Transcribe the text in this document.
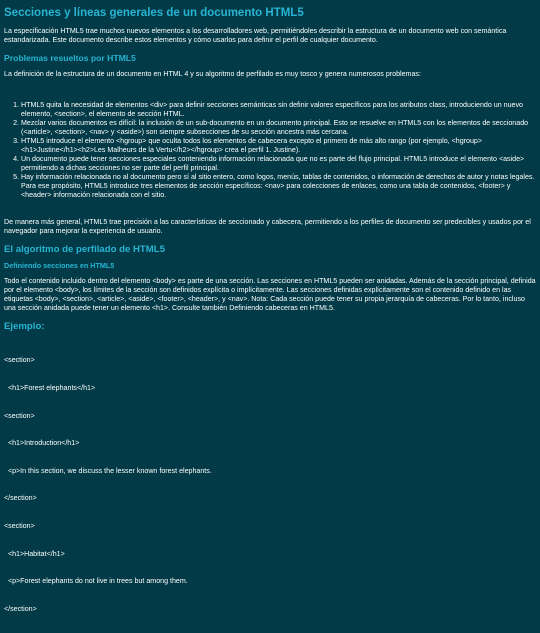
Secciones y líneas generales de un documento HTML5

La especificación HTML5 trae muchos nuevos elementos a los desarrolladores web, permitiéndoles describir la estructura de un documento web con semántica estandarizada. Este documento describe estos elementos y cómo usarlos para definir el perfil de cualquier documento.

Problemas resueltos por HTML5

La definición de la estructura de un documento en HTML 4 y su algoritmo de perfilado es muy tosco y genera numerosos problemas:

1. HTML5 quita la necesidad de elementos <div> para definir secciones semánticas sin definir valores específicos para los atributos class, introduciendo un nuevo elemento, <section>, el elemento de sección HTML.
2. Mezclar varios documentos es difícil: la inclusión de un sub-documento en un documento principal. Esto se resuelve en HTML5 con los elementos de seccionado (<article>, <section>, <nav> y <aside>) son siempre subsecciones de su sección ancestra más cercana.
3. HTML5 introduce el elemento <hgroup> que oculta todos los elementos de cabecera excepto el primero de más alto rango (por ejemplo, <hgroup><h1>Justine</h1><h2>Les Malheurs de la Vertu</h2></hgroup> crea el perfil 1. Justine).
4. Un documento puede tener secciones especiales conteniendo información relacionada que no es parte del flujo principal. HTML5 introduce el elemento <aside> permitiendo a dichas secciones no ser parte del perfil principal.
5. Hay información relacionada no al documento pero sí al sitio entero, como logos, menús, tablas de contenidos, o información de derechos de autor y notas legales. Para ese propósito, HTML5 introduce tres elementos de sección específicos: <nav> para colecciones de enlaces, como una tabla de contenidos, <footer> y <header> información relacionada con el sitio.

De manera más general, HTML5 trae precisión a las características de seccionado y cabecera, permitiendo a los perfiles de documento ser predecibles y usados por el navegador para mejorar la experiencia de usuario.

El algoritmo de perfilado de HTML5
Definiendo secciones en HTML5

Todo el contenido incluido dentro del elemento <body> es parte de una sección. Las secciones en HTML5 pueden ser anidadas. Además de la sección principal, definida por el elemento <body>, los límites de la sección son definidos explícita o implícitamente. Las secciones definidas explícitamente son el contenido definido en las etiquetas <body>, <section>, <article>, <aside>, <footer>, <header>, y <nav>. Nota: Cada sección puede tener su propia jerarquía de cabeceras. Por lo tanto, incluso una sección anidada puede tener un elemento <h1>. Consulte también Definiendo cabeceras en HTML5.

Ejemplo:

<section>

<h1>Forest elephants</h1>

<section>

<h1>Introduction</h1>

<p>In this section, we discuss the lesser known forest elephants.

</section>

<section>

<h1>Habitat</h1>

<p>Forest elephants do not live in trees but among them.

</section>
